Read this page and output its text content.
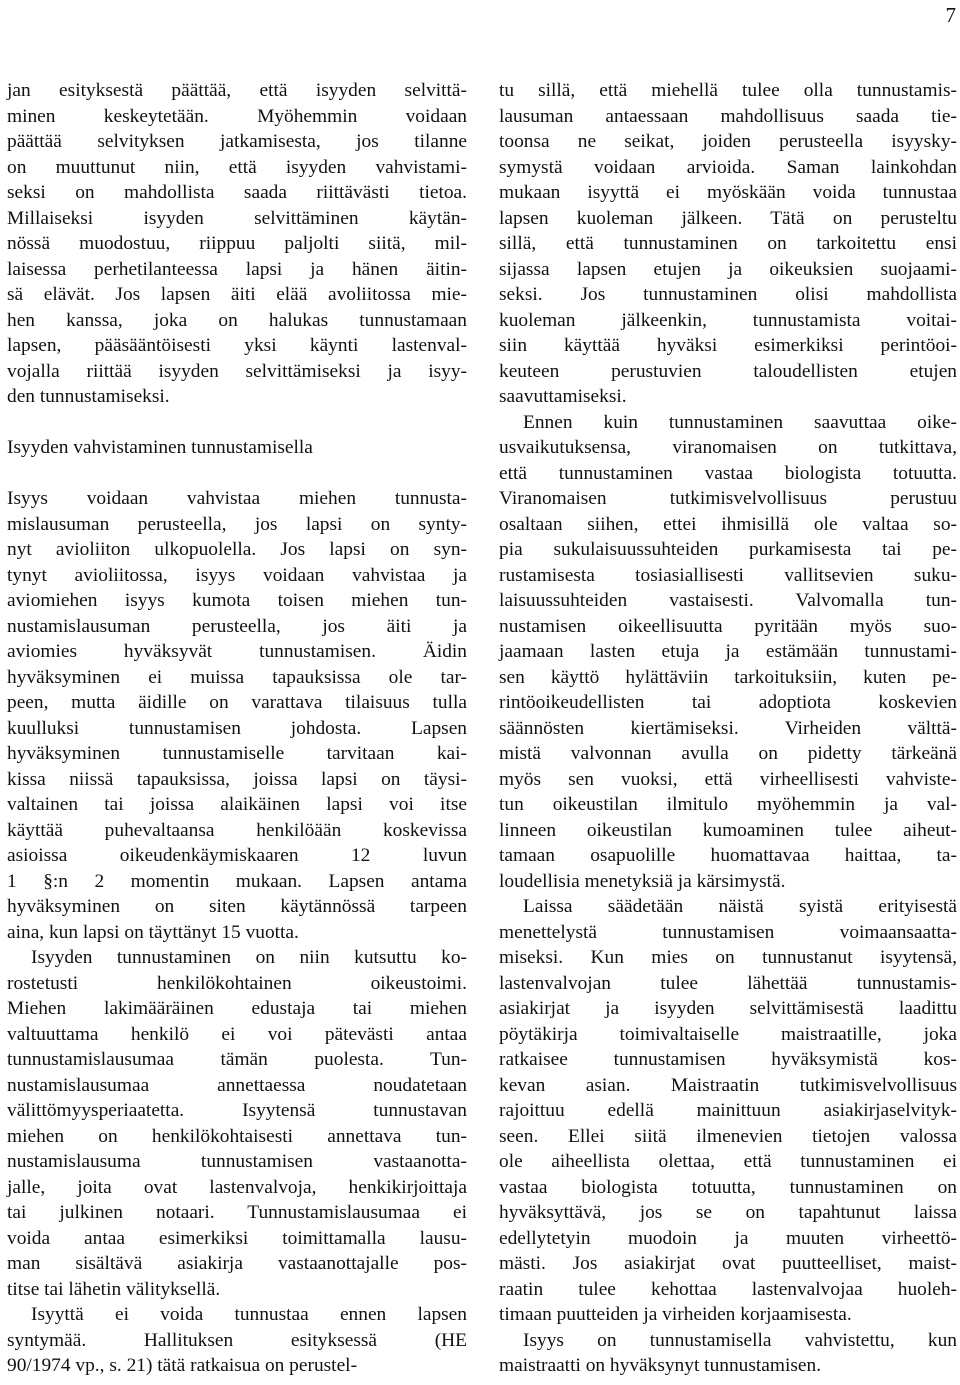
7

jan esityksestä päättää, että isyyden selvittä-
minen keskeytetään. Myöhemmin voidaan
päättää selvityksen jatkamisesta, jos tilanne
on muuttunut niin, että isyyden vahvistami-
seksi on mahdollista saada riittävästi tietoa.
Millaiseksi isyyden selvittäminen käytän-
nössä muodostuu, riippuu paljolti siitä, mil-
laisessa perhetilanteessa lapsi ja hänen äitin-
sä elävät. Jos lapsen äiti elää avoliitossa mie-
hen kanssa, joka on halukas tunnustamaan
lapsen, pääsääntöisesti yksi käynti lastenval-
vojalla riittää isyyden selvittämiseksi ja isyy-
den tunnustamiseksi.

Isyyden vahvistaminen tunnustamisella

Isyys voidaan vahvistaa miehen tunnusta-
mislausuman perusteella, jos lapsi on synty-
nyt avioliiton ulkopuolella. Jos lapsi on syn-
tynyt avioliitossa, isyys voidaan vahvistaa ja
aviomiehen isyys kumota toisen miehen tun-
nustamislausuman perusteella, jos äiti ja
aviomies hyväksyvät tunnustamisen. Äidin
hyväksyminen ei muissa tapauksissa ole tar-
peen, mutta äidille on varattava tilaisuus tulla
kuulluksi tunnustamisen johdosta. Lapsen
hyväksyminen tunnustamiselle tarvitaan kai-
kissa niissä tapauksissa, joissa lapsi on täysi-
valtainen tai joissa alaikäinen lapsi voi itse
käyttää puhevaltaansa henkilöään koskevissa
asioissa oikeudenkäymiskaaren 12 luvun
1 §:n 2 momentin mukaan. Lapsen antama
hyväksyminen on siten käytännössä tarpeen
aina, kun lapsi on täyttänyt 15 vuotta.

Isyyden tunnustaminen on niin kutsuttu ko-
rostetusti henkilökohtainen oikeustoimi.
Miehen lakimääräinen edustaja tai miehen
valtuuttama henkilö ei voi pätevästi antaa
tunnustamislausumaa tämän puolesta. Tun-
nustamislausumaa annettaessa noudatetaan
välittömyysperiaatetta. Isyytensä tunnustavan
miehen on henkilökohtaisesti annettava tun-
nustamislausuma tunnustamisen vastaanotta-
jalle, joita ovat lastenvalvoja, henkikirjoittaja
tai julkinen notaari. Tunnustamislausumaa ei
voida antaa esimerkiksi toimittamalla lausu-
man sisältävä asiakirja vastaanottajalle pos-
titse tai lähetin välityksellä.

Isyyttä ei voida tunnustaa ennen lapsen
syntymää. Hallituksen esityksessä (HE
90/1974 vp., s. 21) tätä ratkaisua on perustel-

tu sillä, että miehellä tulee olla tunnustamis-
lausuman antaessaan mahdollisuus saada tie-
toonsa ne seikat, joiden perusteella isyysky-
symystä voidaan arvioida. Saman lainkohdan
mukaan isyyttä ei myöskään voida tunnustaa
lapsen kuoleman jälkeen. Tätä on perusteltu
sillä, että tunnustaminen on tarkoitettu ensi
sijassa lapsen etujen ja oikeuksien suojaami-
seksi. Jos tunnustaminen olisi mahdollista
kuoleman jälkeenkin, tunnustamista voitai-
siin käyttää hyväksi esimerkiksi perintöoi-
keuteen perustuvien taloudellisten etujen
saavuttamiseksi.

Ennen kuin tunnustaminen saavuttaa oike-
usvaikutuksensa, viranomaisen on tutkittava,
että tunnustaminen vastaa biologista totuutta.
Viranomaisen tutkimisvelvollisuus perustuu
osaltaan siihen, ettei ihmisillä ole valtaa so-
pia sukulaisuussuhteiden purkamisesta tai pe-
rustamisesta tosiasiallisesti vallitsevien suku-
laisuussuhteiden vastaisesti. Valvomalla tun-
nustamisen oikeellisuutta pyritään myös suo-
jaamaan lasten etuja ja estämään tunnustami-
sen käyttö hylättäviin tarkoituksiin, kuten pe-
rintöoikeudellisten tai adoptiota koskevien
säännösten kiertämiseksi. Virheiden välttä-
mistä valvonnan avulla on pidetty tärkeänä
myös sen vuoksi, että virheellisesti vahviste-
tun oikeustilan ilmitulo myöhemmin ja val-
linneen oikeustilan kumoaminen tulee aiheut-
tamaan osapuolille huomattavaa haittaa, ta-
loudellisia menetyksiä ja kärsimystä.

Laissa säädetään näistä syistä erityisestä
menettelystä tunnustamisen voimaansaatta-
miseksi. Kun mies on tunnustanut isyytensä,
lastenvalvojan tulee lähettää tunnustamis-
asiakirjat ja isyyden selvittämisestä laadittu
pöytäkirja toimivaltaiselle maistraatille, joka
ratkaisee tunnustamisen hyväksymistä kos-
kevan asian. Maistraatin tutkimisvelvollisuus
rajoittuu edellä mainittuun asiakirjaselvityk-
seen. Ellei siitä ilmenevien tietojen valossa
ole aiheellista olettaa, että tunnustaminen ei
vastaa biologista totuutta, tunnustaminen on
hyväksyttävä, jos se on tapahtunut laissa
edellytetyin muodoin ja muuten virheettö-
mästi. Jos asiakirjat ovat puutteelliset, maist-
raatin tulee kehottaa lastenvalvojaa huoleh-
timaan puutteiden ja virheiden korjaamisesta.

Isyys on tunnustamisella vahvistettu, kun
maistraatti on hyväksynyt tunnustamisen.
